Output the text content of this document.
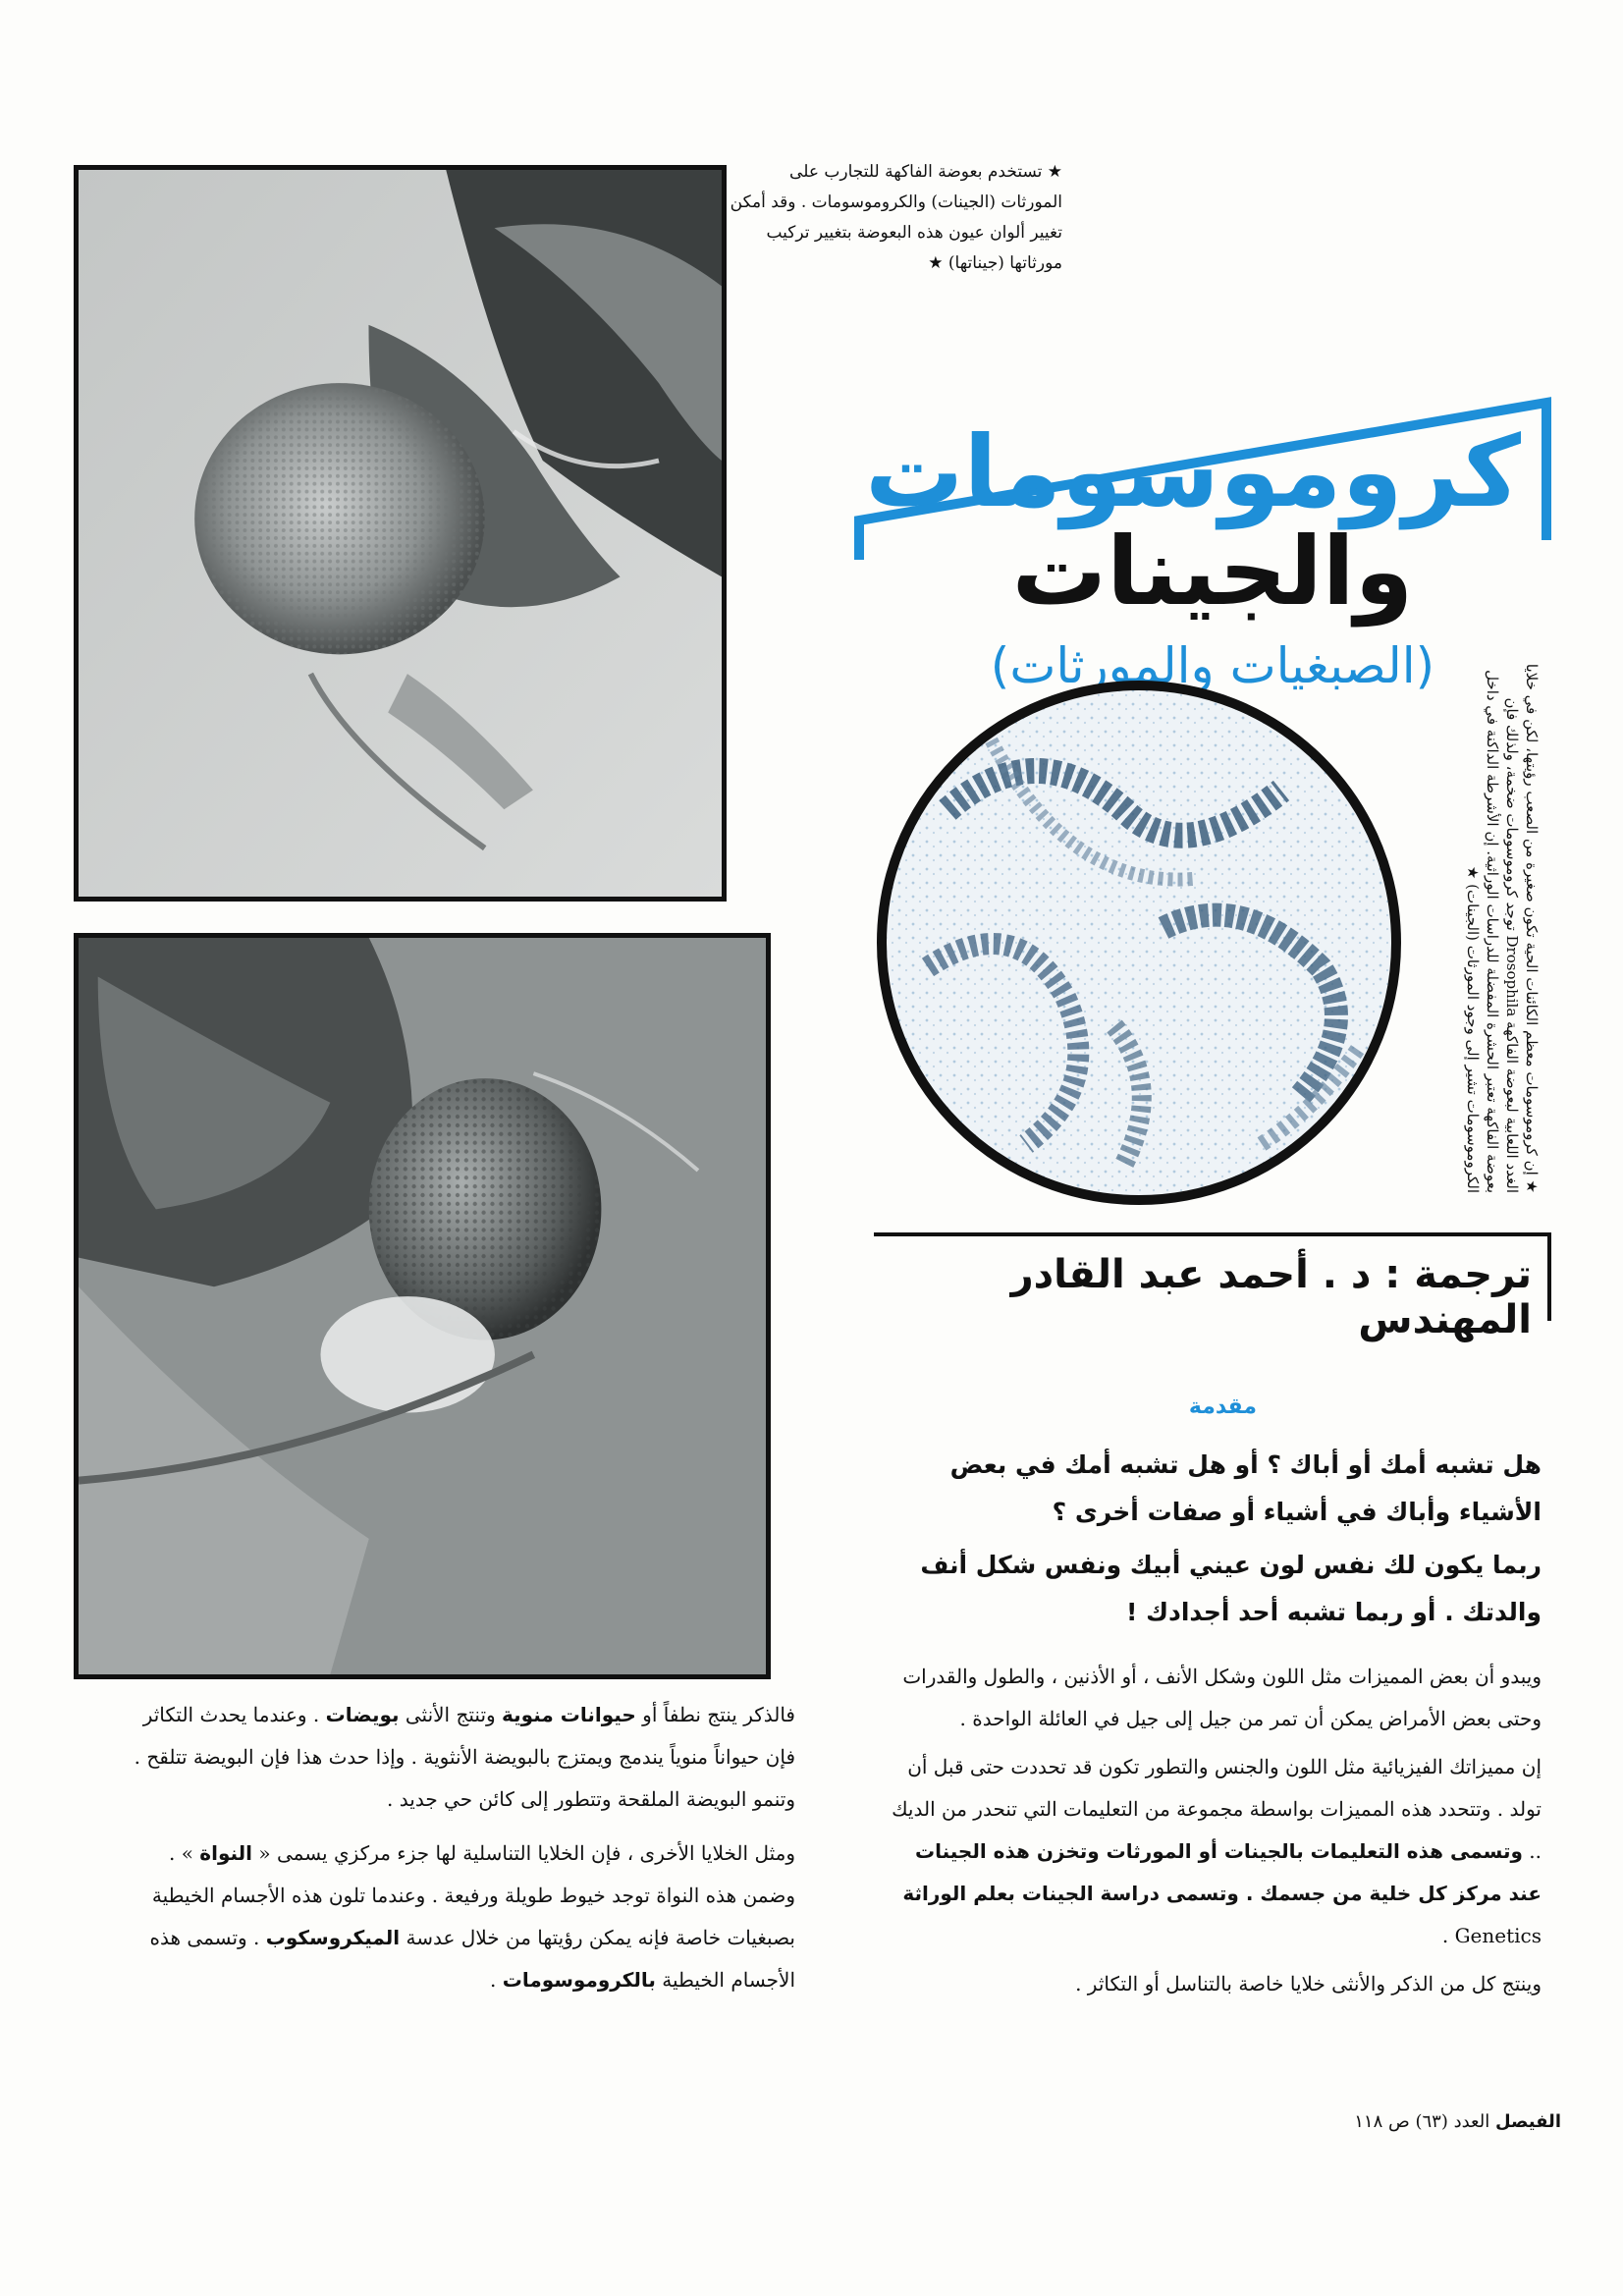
★ تستخدم بعوضة الفاكهة للتجارب على المورثات (الجينات) والكروموسومات . وقد أمكن تغيير ألوان عيون هذه البعوضة بتغيير تركيب مورثاتها (جيناتها) ★
كروموسومات
والجينات
(الصبغيات والمورثات)	★ إن كروموسومات معظم الكائنات الحية تكون صغيرة من الصعب رؤيتها، لكن في خلايا الغدد اللعابية لبعوضة الفاكهة Drosophila توجد كروموسومات ضخمة، ولذلك فإن بعوضة الفاكهة تعتبر الحشرة المفضلة للدراسات الوراثية. إن الأشرطة الداكنة في داخل الكروموسومات تشير إلى وجود المورثات (الجينات) ★
ترجمة : د . أحمد عبد القادر المهندس
مقدمة

هل تشبه أمك أو أباك ؟ أو هل تشبه أمك في بعض الأشياء وأباك في أشياء أو صفات أخرى ؟

ربما يكون لك نفس لون عيني أبيك ونفس شكل أنف والدتك . أو ربما تشبه أحد أجدادك !

ويبدو أن بعض المميزات مثل اللون وشكل الأنف ، أو الأذنين ، والطول والقدرات وحتى بعض الأمراض يمكن أن تمر من جيل إلى جيل في العائلة الواحدة .

إن مميزاتك الفيزيائية مثل اللون والجنس والتطور تكون قد تحددت حتى قبل أن تولد . وتتحدد هذه المميزات بواسطة مجموعة من التعليمات التي تنحدر من الديك .. وتسمى هذه التعليمات بالجينات أو المورثات وتخزن هذه الجينات عند مركز كل خلية من جسمك . وتسمى دراسة الجينات بعلم الوراثة Genetics .

وينتج كل من الذكر والأنثى خلايا خاصة بالتناسل أو التكاثر .

فالذكر ينتج نطفاً أو حيوانات منوية وتنتج الأنثى بويضات . وعندما يحدث التكاثر فإن حيواناً منوياً يندمج ويمتزج بالبويضة الأنثوية . وإذا حدث هذا فإن البويضة تتلقح . وتنمو البويضة الملقحة وتتطور إلى كائن حي جديد .

ومثل الخلايا الأخرى ، فإن الخلايا التناسلية لها جزء مركزي يسمى « النواة » . وضمن هذه النواة توجد خيوط طويلة ورفيعة . وعندما تلون هذه الأجسام الخيطية بصبغيات خاصة فإنه يمكن رؤيتها من خلال عدسة الميكروسكوب . وتسمى هذه الأجسام الخيطية بالكروموسومات .

الفيصل العدد (٦٣) ص ١١٨
